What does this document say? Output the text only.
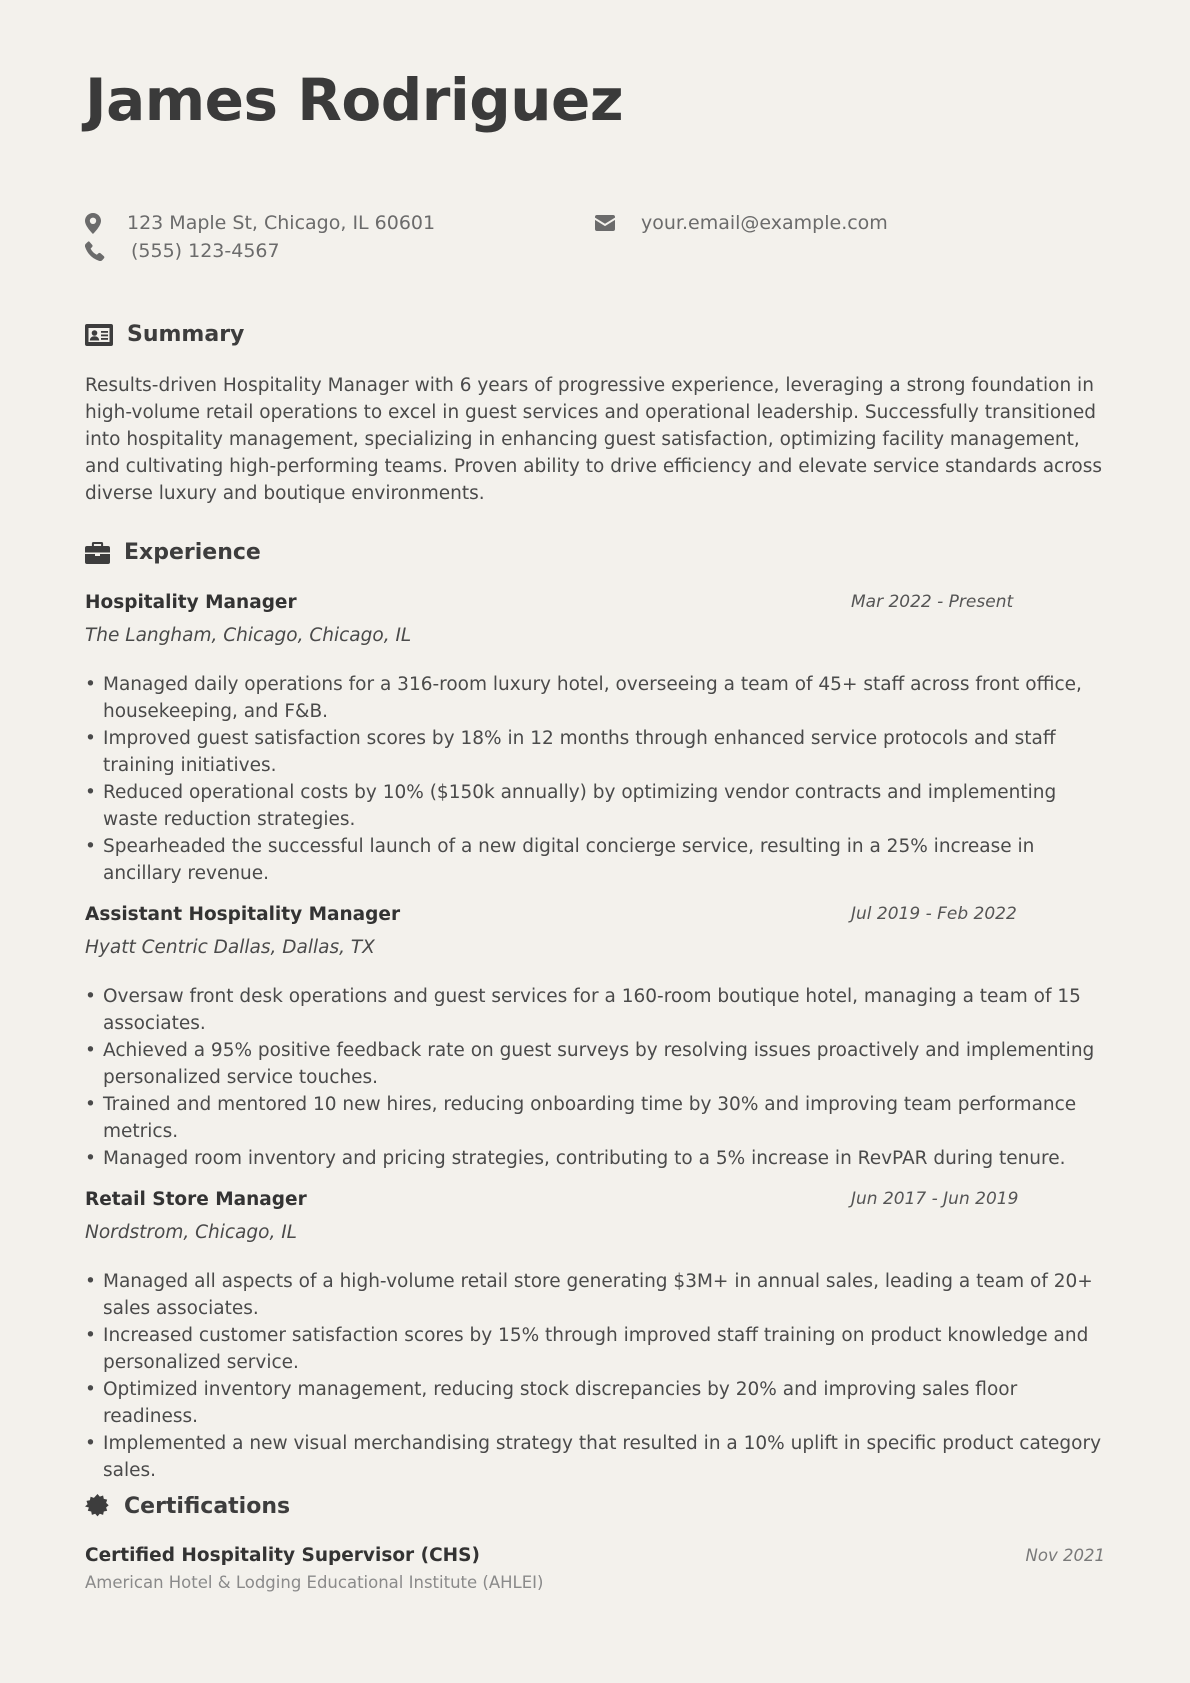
James Rodriguez
123 Maple St, Chicago, IL 60601
(555) 123-4567
your.email@example.com
Summary

Results-driven Hospitality Manager with 6 years of progressive experience, leveraging a strong foundation in high-volume retail operations to excel in guest services and operational leadership. Successfully transitioned into hospitality management, specializing in enhancing guest satisfaction, optimizing facility management, and cultivating high-performing teams. Proven ability to drive efficiency and elevate service standards across diverse luxury and boutique environments.

Experience
Hospitality Manager	Mar 2022 - Present
The Langham, Chicago, Chicago, IL
• Managed daily operations for a 316-room luxury hotel, overseeing a team of 45+ staff across front office, housekeeping, and F&B.
• Improved guest satisfaction scores by 18% in 12 months through enhanced service protocols and staff training initiatives.
• Reduced operational costs by 10% ($150k annually) by optimizing vendor contracts and implementing waste reduction strategies.
• Spearheaded the successful launch of a new digital concierge service, resulting in a 25% increase in ancillary revenue.
Assistant Hospitality Manager	Jul 2019 - Feb 2022
Hyatt Centric Dallas, Dallas, TX
• Oversaw front desk operations and guest services for a 160-room boutique hotel, managing a team of 15 associates.
• Achieved a 95% positive feedback rate on guest surveys by resolving issues proactively and implementing personalized service touches.
• Trained and mentored 10 new hires, reducing onboarding time by 30% and improving team performance metrics.
• Managed room inventory and pricing strategies, contributing to a 5% increase in RevPAR during tenure.
Retail Store Manager	Jun 2017 - Jun 2019
Nordstrom, Chicago, IL
• Managed all aspects of a high-volume retail store generating $3M+ in annual sales, leading a team of 20+ sales associates.
• Increased customer satisfaction scores by 15% through improved staff training on product knowledge and personalized service.
• Optimized inventory management, reducing stock discrepancies by 20% and improving sales floor readiness.
• Implemented a new visual merchandising strategy that resulted in a 10% uplift in specific product category sales.
Certifications
Certified Hospitality Supervisor (CHS)	Nov 2021
American Hotel & Lodging Educational Institute (AHLEI)
